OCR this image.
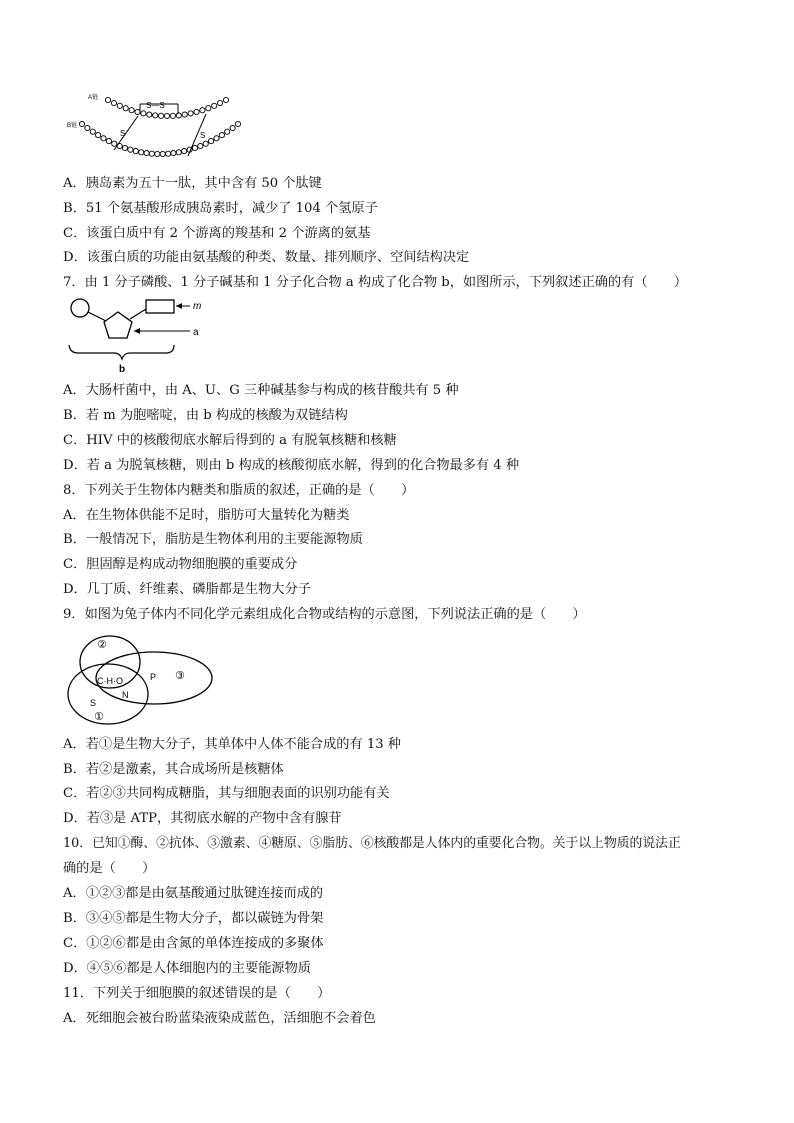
A链
B链
S—S
S	S
A．胰岛素为五十一肽，其中含有 50 个肽键
B．51 个氨基酸形成胰岛素时，减少了 104 个氢原子
C．该蛋白质中有 2 个游离的羧基和 2 个游离的氨基
D．该蛋白质的功能由氨基酸的种类、数量、排列顺序、空间结构决定
7．由 1 分子磷酸、1 分子碱基和 1 分子化合物 a 构成了化合物 b，如图所示，下列叙述正确的有（　　）
m
a
b
A．大肠杆菌中，由 A、U、G 三种碱基参与构成的核苷酸共有 5 种
B．若 m 为胞嘧啶，由 b 构成的核酸为双链结构
C．HIV 中的核酸彻底水解后得到的 a 有脱氧核糖和核糖
D．若 a 为脱氧核糖，则由 b 构成的核酸彻底水解，得到的化合物最多有 4 种
8．下列关于生物体内糖类和脂质的叙述，正确的是（　　）
A．在生物体供能不足时，脂肪可大量转化为糖类
B．一般情况下，脂肪是生物体利用的主要能源物质
C．胆固醇是构成动物细胞膜的重要成分
D．几丁质、纤维素、磷脂都是生物大分子
9．如图为兔子体内不同化学元素组成化合物或结构的示意图，下列说法正确的是（　　）
②
③
①
C·H·O	P
N
S
A．若①是生物大分子，其单体中人体不能合成的有 13 种
B．若②是激素，其合成场所是核糖体
C．若②③共同构成糖脂，其与细胞表面的识别功能有关
D．若③是 ATP，其彻底水解的产物中含有腺苷
10．已知①酶、②抗体、③激素、④糖原、⑤脂肪、⑥核酸都是人体内的重要化合物。关于以上物质的说法正
确的是（　　）
A．①②③都是由氨基酸通过肽键连接而成的
B．③④⑤都是生物大分子，都以碳链为骨架
C．①②⑥都是由含氮的单体连接成的多聚体
D．④⑤⑥都是人体细胞内的主要能源物质
11．下列关于细胞膜的叙述错误的是（　　）
A．死细胞会被台盼蓝染液染成蓝色，活细胞不会着色
